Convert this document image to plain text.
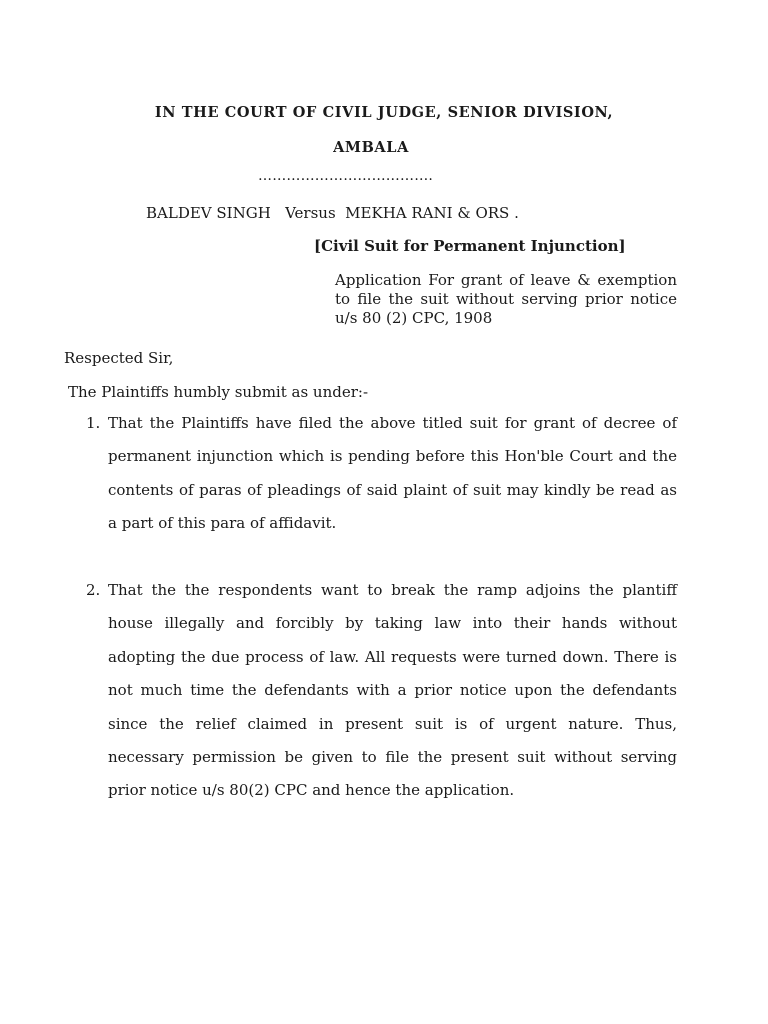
IN THE COURT OF CIVIL JUDGE, SENIOR DIVISION,
AMBALA
……………………………….
BALDEV SINGH   Versus  MEKHA RANI & ORS .
[Civil Suit for Permanent Injunction]
Application For grant of leave & exemption to file the suit without serving prior notice u/s 80 (2) CPC, 1908
Respected Sir,
The Plaintiffs humbly submit as under:-
1. That the Plaintiffs have filed the above titled suit for grant of decree of permanent injunction which is pending before this Hon'ble Court and the contents of paras of pleadings of said plaint of suit may kindly be read as a part of this para of affidavit.
2. That the the respondents want to break the ramp adjoins the plantiff house illegally and forcibly by taking law into their hands without adopting the due process of law. All requests were turned down. There is not much time the defendants with a prior notice upon the defendants since the relief claimed in present suit is of urgent nature. Thus, necessary permission be given to file the present suit without serving prior notice u/s 80(2) CPC and hence the application.
